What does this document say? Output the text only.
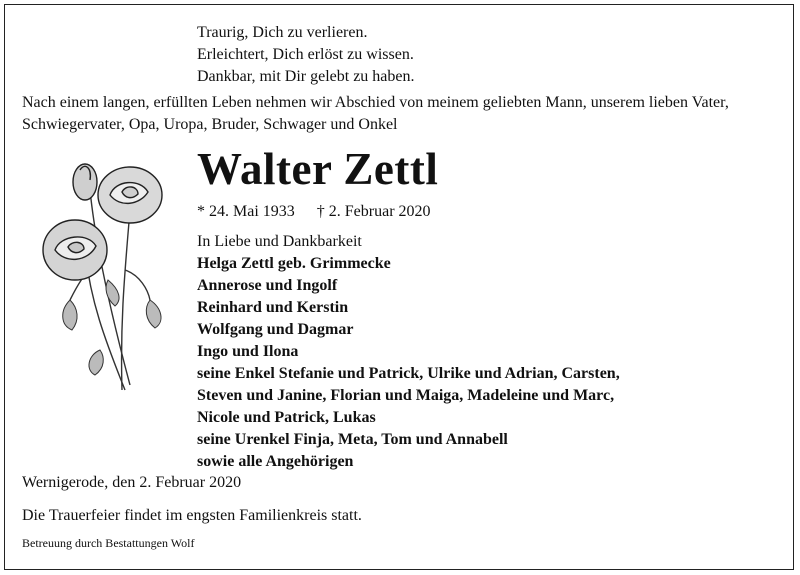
Traurig, Dich zu verlieren.
Erleichtert, Dich erlöst zu wissen.
Dankbar, mit Dir gelebt zu haben.
Nach einem langen, erfüllten Leben nehmen wir Abschied von meinem geliebten Mann, unserem lieben Vater, Schwiegervater, Opa, Uropa, Bruder, Schwager und Onkel
Walter Zettl
* 24. Mai 1933 † 2. Februar 2020
In Liebe und Dankbarkeit
Helga Zettl geb. Grimmecke
Annerose und Ingolf
Reinhard und Kerstin
Wolfgang und Dagmar
Ingo und Ilona
seine Enkel Stefanie und Patrick, Ulrike und Adrian, Carsten,
Steven und Janine, Florian und Maiga, Madeleine und Marc,
Nicole und Patrick, Lukas
seine Urenkel Finja, Meta, Tom und Annabell
sowie alle Angehörigen
Wernigerode, den 2. Februar 2020
Die Trauerfeier findet im engsten Familienkreis statt.
Betreuung durch Bestattungen Wolf
